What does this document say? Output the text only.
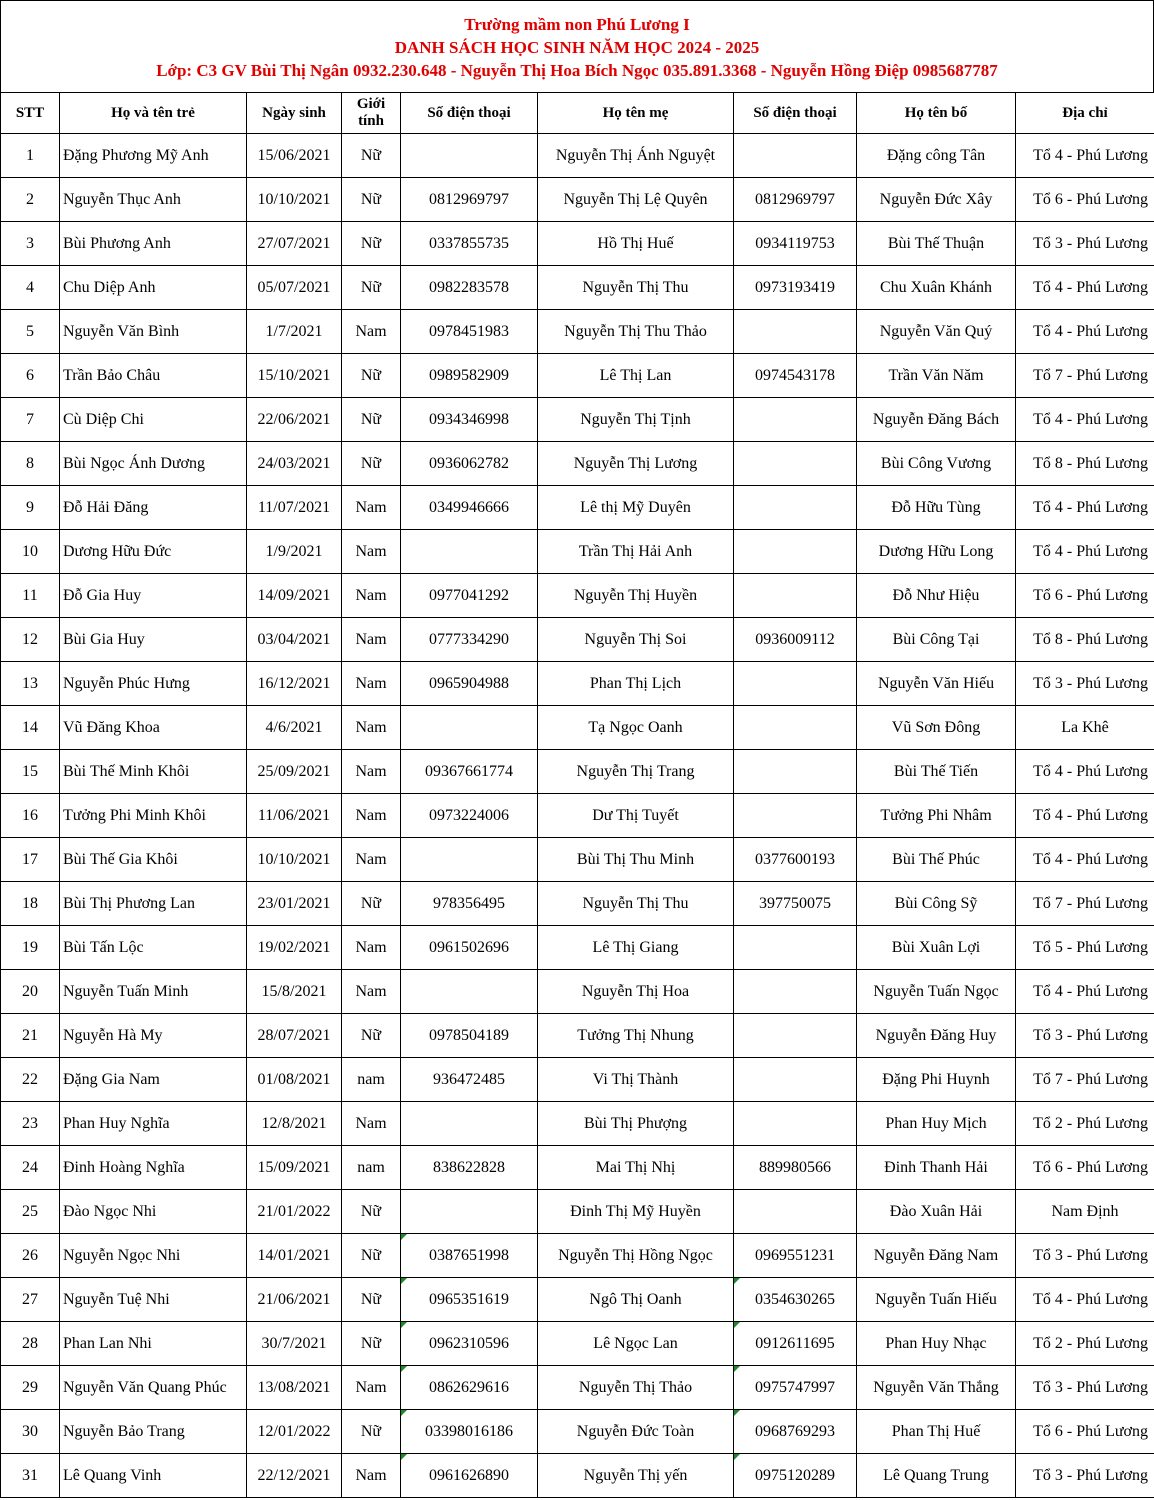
Trường mầm non Phú Lương I
DANH SÁCH HỌC SINH NĂM HỌC 2024 - 2025
Lớp: C3 GV Bùi Thị Ngân 0932.230.648 - Nguyễn Thị Hoa Bích Ngọc 035.891.3368 - Nguyễn Hồng Điệp 0985687787
STT	Họ và tên trẻ	Ngày sinh	Giới tính	Số điện thoại	Họ tên mẹ	Số điện thoại	Họ tên bố	Địa chỉ
1	Đặng Phương Mỹ Anh	15/06/2021	Nữ		Nguyễn Thị Ánh Nguyệt		Đặng công Tân	Tổ 4 - Phú Lương
2	Nguyễn Thục Anh	10/10/2021	Nữ	0812969797	Nguyễn Thị Lệ Quyên	0812969797	Nguyễn Đức Xây	Tổ 6 - Phú Lương
3	Bùi Phương Anh	27/07/2021	Nữ	0337855735	Hồ Thị Huế	0934119753	Bùi Thế Thuận	Tổ 3 - Phú Lương
4	Chu Diệp Anh	05/07/2021	Nữ	0982283578	Nguyễn Thị Thu	0973193419	Chu Xuân Khánh	Tổ 4 - Phú Lương
5	Nguyễn Văn Bình	1/7/2021	Nam	0978451983	Nguyễn Thị Thu Thảo		Nguyễn Văn Quý	Tổ 4 - Phú Lương
6	Trần Bảo Châu	15/10/2021	Nữ	0989582909	Lê Thị Lan	0974543178	Trần Văn Năm	Tổ 7 - Phú Lương
7	Cù Diệp Chi	22/06/2021	Nữ	0934346998	Nguyễn Thị Tịnh		Nguyễn Đăng Bách	Tổ 4 - Phú Lương
8	Bùi Ngọc Ánh Dương	24/03/2021	Nữ	0936062782	Nguyễn Thị Lương		Bùi Công Vương	Tổ 8 - Phú Lương
9	Đỗ Hải Đăng	11/07/2021	Nam	0349946666	Lê thị Mỹ Duyên		Đỗ Hữu Tùng	Tổ 4 - Phú Lương
10	Dương Hữu Đức	1/9/2021	Nam		Trần Thị Hải Anh		Dương Hữu Long	Tổ 4 - Phú Lương
11	Đỗ Gia Huy	14/09/2021	Nam	0977041292	Nguyễn Thị Huyền		Đỗ Như Hiệu	Tổ 6 - Phú Lương
12	Bùi Gia Huy	03/04/2021	Nam	0777334290	Nguyễn Thị Soi	0936009112	Bùi Công Tại	Tổ 8 - Phú Lương
13	Nguyễn Phúc Hưng	16/12/2021	Nam	0965904988	Phan Thị Lịch		Nguyễn Văn Hiếu	Tổ 3 - Phú Lương
14	Vũ Đăng Khoa	4/6/2021	Nam		Tạ Ngọc Oanh		Vũ Sơn Đông	La Khê
15	Bùi Thế Minh Khôi	25/09/2021	Nam	09367661774	Nguyễn Thị Trang		Bùi Thế Tiến	Tổ 4 - Phú Lương
16	Tưởng Phi Minh Khôi	11/06/2021	Nam	0973224006	Dư Thị Tuyết		Tưởng Phi Nhâm	Tổ 4 - Phú Lương
17	Bùi Thế Gia Khôi	10/10/2021	Nam		Bùi Thị Thu Minh	0377600193	Bùi Thế Phúc	Tổ 4 - Phú Lương
18	Bùi Thị Phương Lan	23/01/2021	Nữ	978356495	Nguyễn Thị Thu	397750075	Bùi Công Sỹ	Tổ 7 - Phú Lương
19	Bùi Tấn Lộc	19/02/2021	Nam	0961502696	Lê Thị Giang		Bùi Xuân Lợi	Tổ 5 - Phú Lương
20	Nguyễn Tuấn Minh	15/8/2021	Nam		Nguyễn Thị Hoa		Nguyễn Tuấn Ngọc	Tổ 4 - Phú Lương
21	Nguyễn Hà My	28/07/2021	Nữ	0978504189	Tưởng Thị Nhung		Nguyễn Đăng Huy	Tổ 3 - Phú Lương
22	Đặng Gia Nam	01/08/2021	nam	936472485	Vi Thị Thành		Đặng Phi Huynh	Tổ 7 - Phú Lương
23	Phan Huy Nghĩa	12/8/2021	Nam		Bùi Thị Phượng		Phan Huy Mịch	Tổ 2 - Phú Lương
24	Đinh Hoàng Nghĩa	15/09/2021	nam	838622828	Mai Thị Nhị	889980566	Đinh Thanh Hải	Tổ 6 - Phú Lương
25	Đào Ngọc Nhi	21/01/2022	Nữ		Đinh Thị Mỹ Huyền		Đào Xuân Hải	Nam Định
26	Nguyễn Ngọc Nhi	14/01/2021	Nữ	0387651998	Nguyễn Thị Hồng Ngọc	0969551231	Nguyễn Đăng Nam	Tổ 3 - Phú Lương
27	Nguyễn Tuệ Nhi	21/06/2021	Nữ	0965351619	Ngô Thị Oanh	0354630265	Nguyễn Tuấn Hiếu	Tổ 4 - Phú Lương
28	Phan Lan Nhi	30/7/2021	Nữ	0962310596	Lê Ngọc Lan	0912611695	Phan Huy Nhạc	Tổ 2 - Phú Lương
29	Nguyễn Văn Quang Phúc	13/08/2021	Nam	0862629616	Nguyễn Thị Thảo	0975747997	Nguyễn Văn Thắng	Tổ 3 - Phú Lương
30	Nguyễn Bảo Trang	12/01/2022	Nữ	03398016186	Nguyễn Đức Toàn	0968769293	Phan Thị Huế	Tổ 6 - Phú Lương
31	Lê Quang Vinh	22/12/2021	Nam	0961626890	Nguyễn Thị yến	0975120289	Lê Quang Trung	Tổ 3 - Phú Lương
